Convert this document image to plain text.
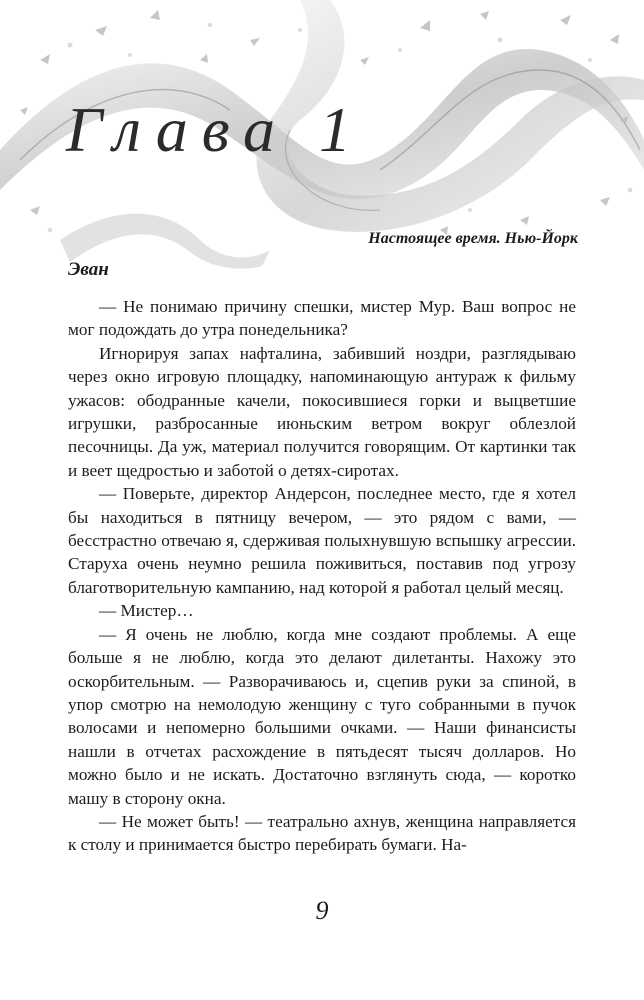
Глава 1

Настоящее время. Нью-Йорк

Эван

— Не понимаю причину спешки, мистер Мур. Ваш вопрос не мог подождать до утра понедельника?

Игнорируя запах нафталина, забивший ноздри, разглядываю через окно игровую площадку, напоминающую антураж к фильму ужасов: ободранные качели, покосившиеся горки и выцветшие игрушки, разбросанные июньским ветром вокруг облезлой песочницы. Да уж, материал получится говорящим. От картинки так и веет щедростью и заботой о детях-сиротах.

— Поверьте, директор Андерсон, последнее место, где я хотел бы находиться в пятницу вечером, — это рядом с вами, — бесстрастно отвечаю я, сдерживая полыхнувшую вспышку агрессии. Старуха очень неумно решила поживиться, поставив под угрозу благотворительную кампанию, над которой я работал целый месяц.

— Мистер…

— Я очень не люблю, когда мне создают проблемы. А еще больше я не люблю, когда это делают дилетанты. Нахожу это оскорбительным. — Разворачиваюсь и, сцепив руки за спиной, в упор смотрю на немолодую женщину с туго собранными в пучок волосами и непомерно большими очками. — Наши финансисты нашли в отчетах расхождение в пятьдесят тысяч долларов. Но можно было и не искать. Достаточно взглянуть сюда, — коротко машу в сторону окна.

— Не может быть! — театрально ахнув, женщина направляется к столу и принимается быстро перебирать бумаги. На-

9
